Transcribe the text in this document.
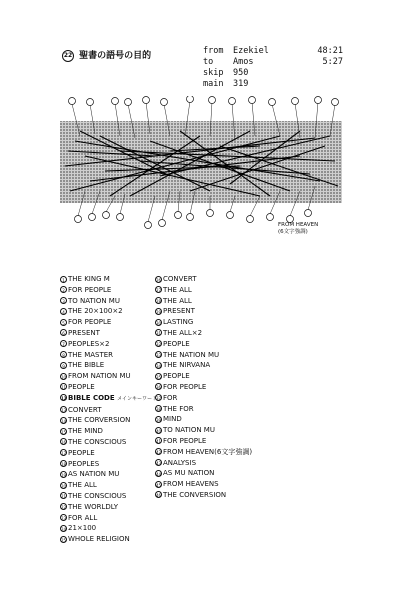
22 聖書の語号の目的	from	Ezekiel	48:21
to	Amos	5:27
skip	950
main	319
FROM HEAVEN
(6文字強調)
1 THE KING M
2 FOR PEOPLE
3 TO NATION MU
4 THE 20×100×2
5 FOR PEOPLE
6 PRESENT
7 PEOPLES×2
8 THE MASTER
9 THE BIBLE
10 FROM NATION MU
11 PEOPLE
12BIBLE CODE メインキーワード
13 CONVERT
14 THE CORVERSION
15 THE MIND
16 THE CONSCIOUS
17 PEOPLE
18 PEOPLES
19 AS NATION MU
20 THE ALL
21 THE CONSCIOUS
22 THE WORLDLY
23 FOR ALL
24 21×100
25 WHOLE RELIGION
26 CONVERT
27 THE ALL
28 THE ALL
29 PRESENT
30 LASTING
31 THE ALL×2
32 PEOPLE
33 THE NATION MU
34 THE NIRVANA
35 PEOPLE
36 FOR PEOPLE
37 FOR
38 THE FOR
39 MIND
40 TO NATION MU
41 FOR PEOPLE
42 FROM HEAVEN(6文字強調)
43 ANALYSIS
44 AS MU NATION
45 FROM HEAVENS
46 THE CONVERSION
